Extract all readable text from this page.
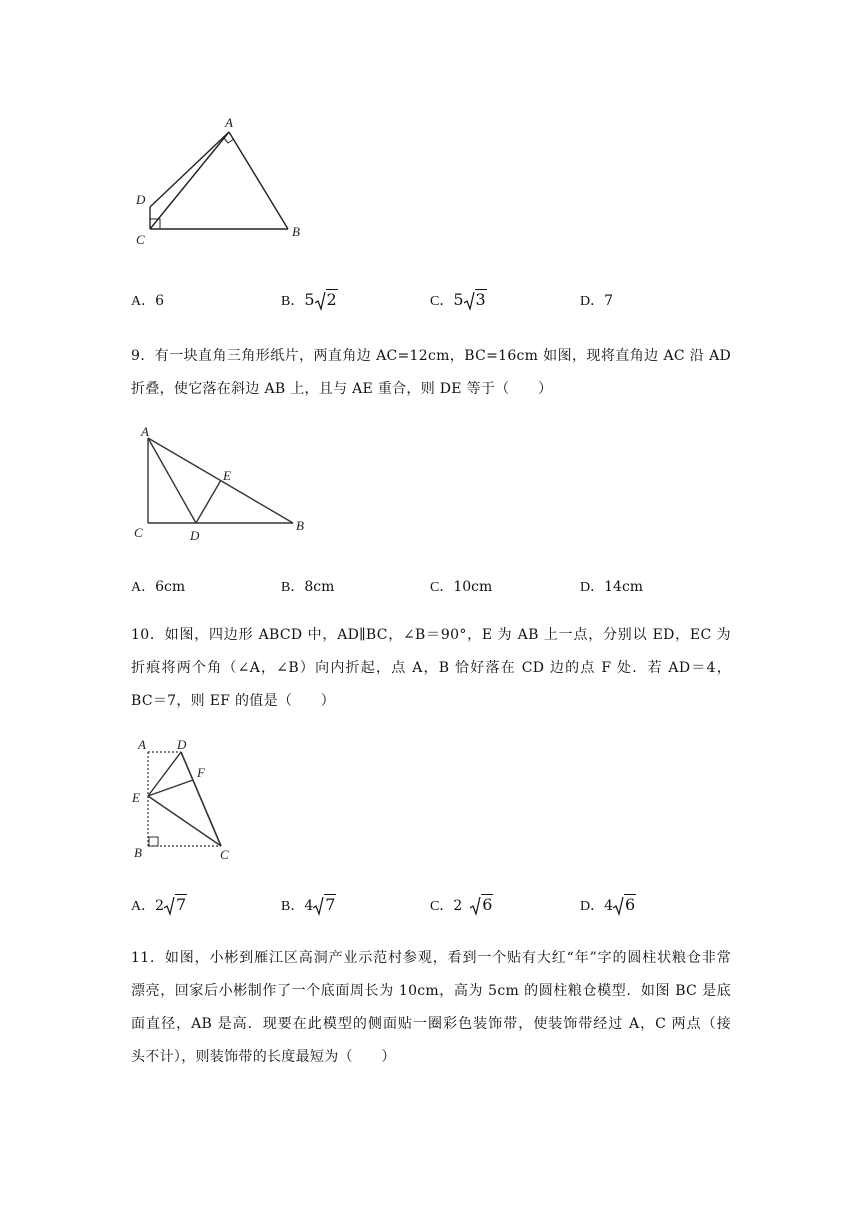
A
D
C
B
A．6	B．5 2	C．5 3	D．7
9．有一块直角三角形纸片，两直角边 AC=12cm，BC=16cm 如图，现将直角边 AC 沿 AD
折叠，使它落在斜边 AB 上，且与 AE 重合，则 DE 等于（　　）
A
E
C	D
B
A．6cm	B．8cm	C．10cm	D．14cm
10．如图，四边形 ABCD 中，AD∥BC，∠B＝90°，E 为 AB 上一点，分别以 ED，EC 为
折痕将两个角（∠A，∠B）向内折起，点 A，B 恰好落在 CD 边的点 F 处．若 AD＝4，
BC＝7，则 EF 的值是（　　）
A D
F
E
B	C
A．2 7	B．4 7	C．2 6	D．4 6
11．如图，小彬到雁江区高洞产业示范村参观，看到一个贴有大红“年”字的圆柱状粮仓非常
漂亮，回家后小彬制作了一个底面周长为 10cm，高为 5cm 的圆柱粮仓模型．如图 BC 是底
面直径，AB 是高．现要在此模型的侧面贴一圈彩色装饰带，使装饰带经过 A，C 两点（接
头不计），则装饰带的长度最短为（　　）
